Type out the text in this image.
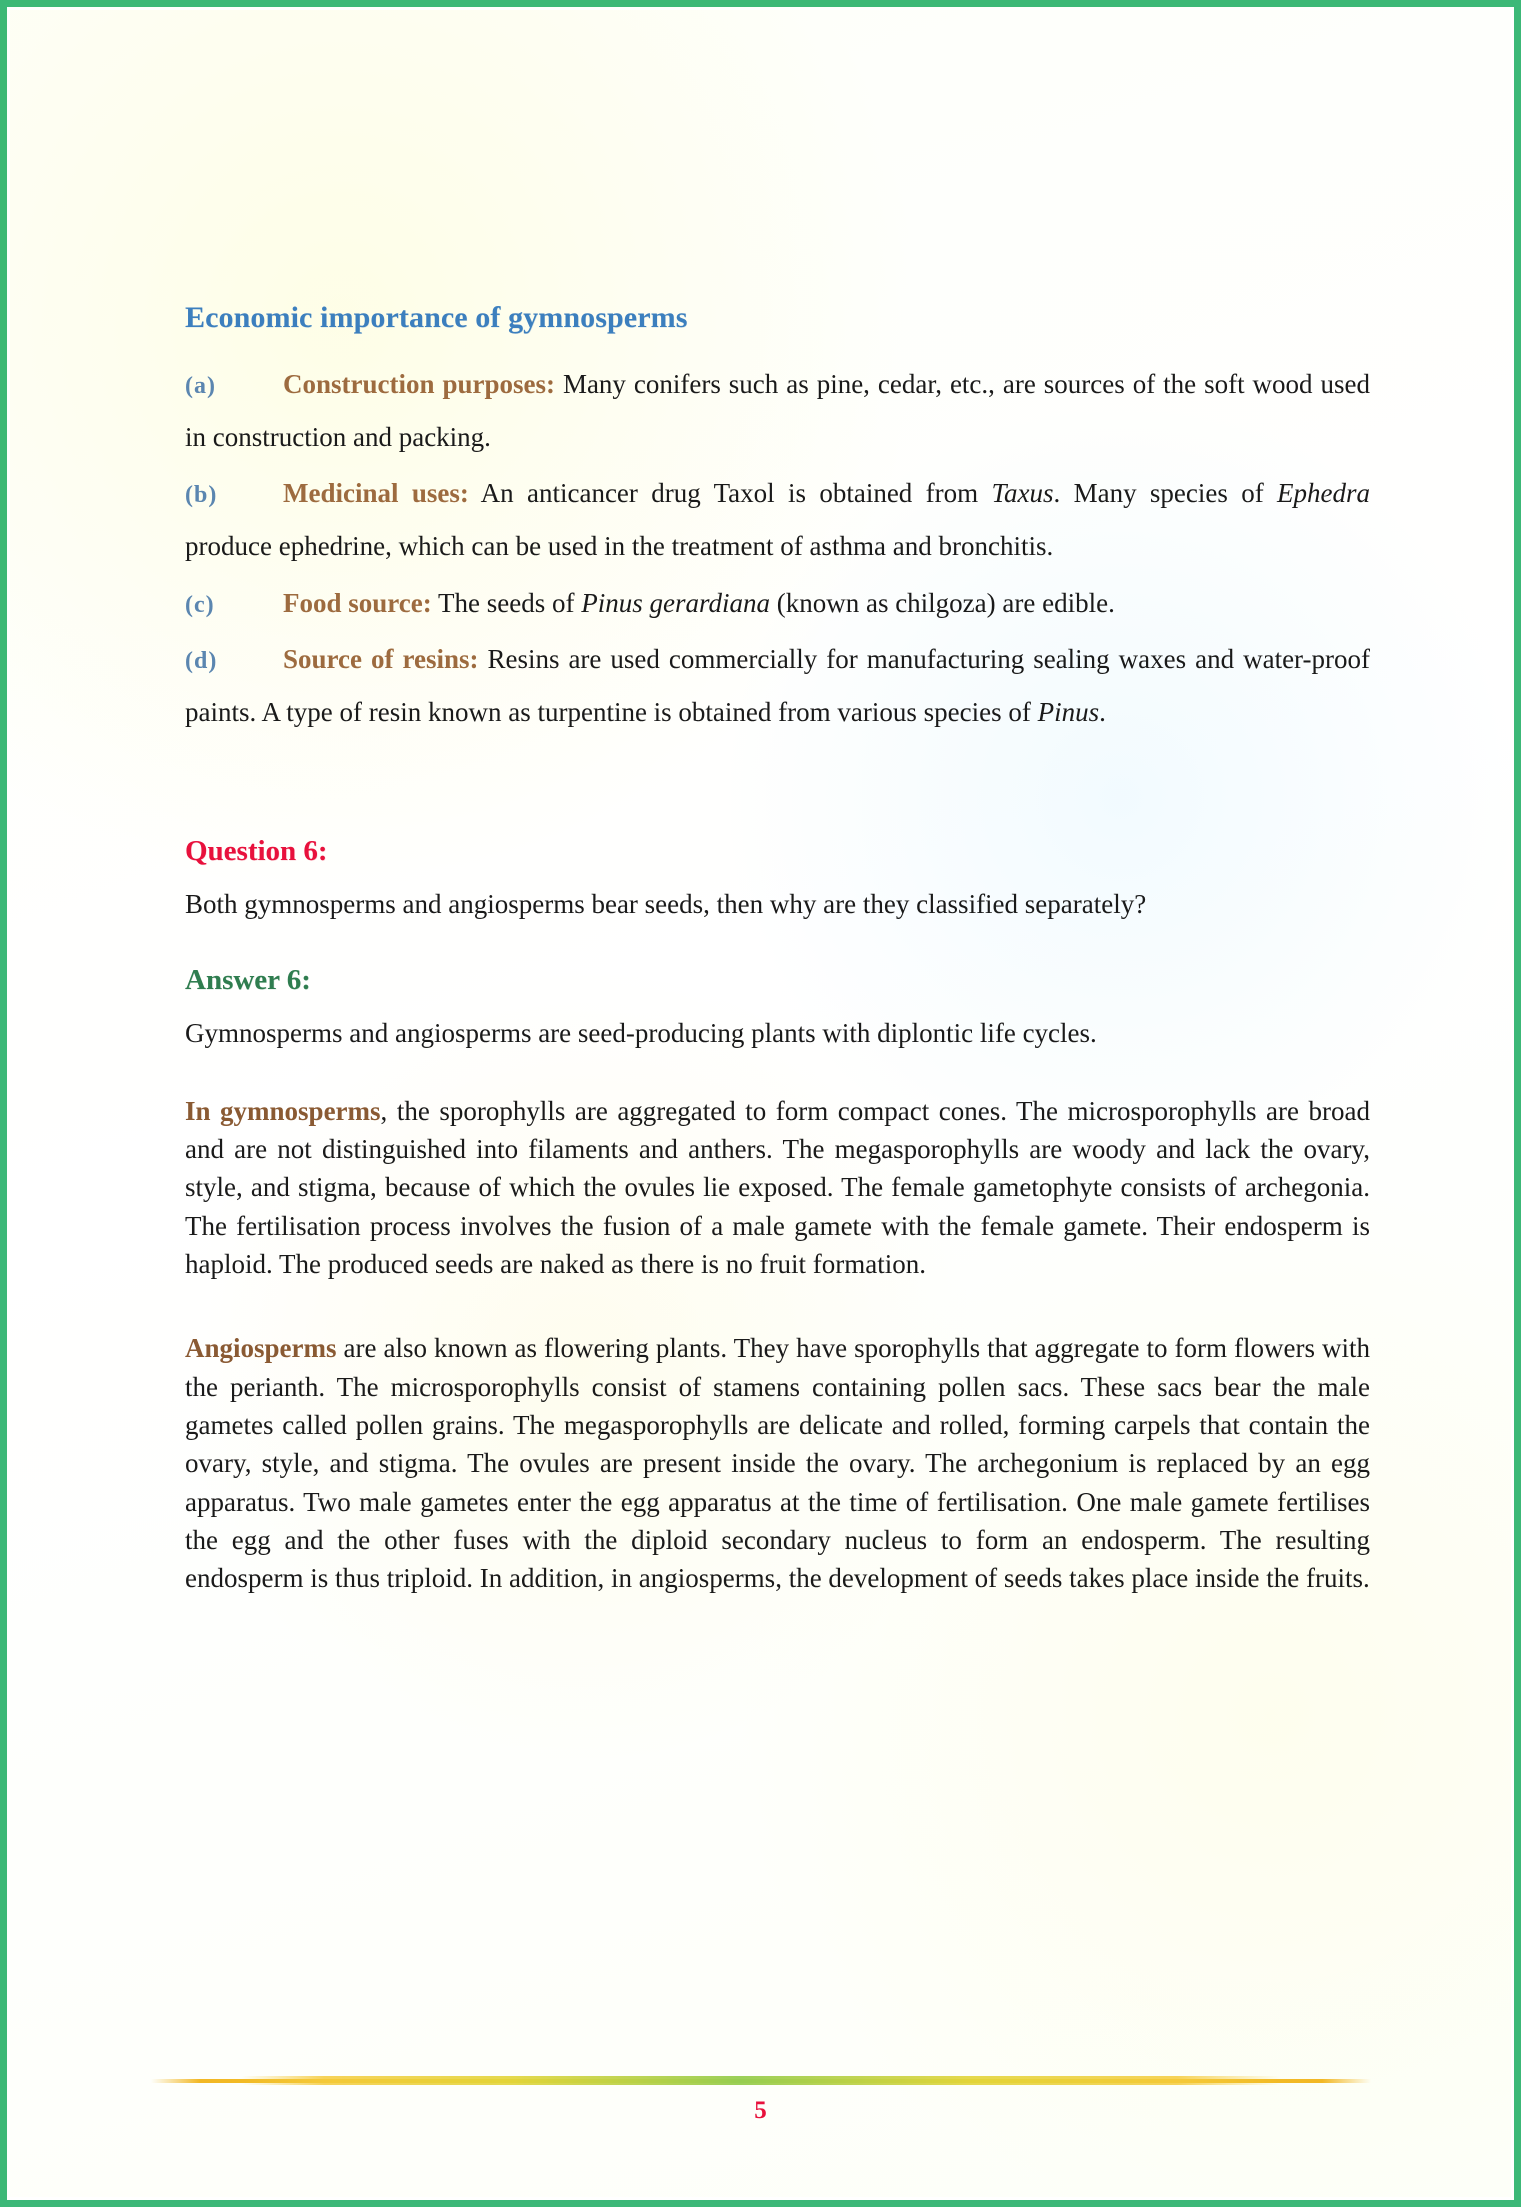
Economic importance of gymnosperms
(a) Construction purposes: Many conifers such as pine, cedar, etc., are sources of the soft wood used in construction and packing.
(b) Medicinal uses: An anticancer drug Taxol is obtained from Taxus. Many species of Ephedra produce ephedrine, which can be used in the treatment of asthma and bronchitis.
(c)	Food source: The seeds of Pinus gerardiana (known as chilgoza) are edible.
(d) Source of resins: Resins are used commercially for manufacturing sealing waxes and water-proof paints. A type of resin known as turpentine is obtained from various species of Pinus.
Question 6:

Both gymnosperms and angiosperms bear seeds, then why are they classified separately?

Answer 6:

Gymnosperms and angiosperms are seed-producing plants with diplontic life cycles.

In gymnosperms, the sporophylls are aggregated to form compact cones. The microsporophylls are broad and are not distinguished into filaments and anthers. The megasporophylls are woody and lack the ovary, style, and stigma, because of which the ovules lie exposed. The female gametophyte consists of archegonia. The fertilisation process involves the fusion of a male gamete with the female gamete. Their endosperm is haploid. The produced seeds are naked as there is no fruit formation.

Angiosperms are also known as flowering plants. They have sporophylls that aggregate to form flowers with the perianth. The microsporophylls consist of stamens containing pollen sacs. These sacs bear the male gametes called pollen grains. The megasporophylls are delicate and rolled, forming carpels that contain the ovary, style, and stigma. The ovules are present inside the ovary. The archegonium is replaced by an egg apparatus. Two male gametes enter the egg apparatus at the time of fertilisation. One male gamete fertilises the egg and the other fuses with the diploid secondary nucleus to form an endosperm. The resulting endosperm is thus triploid. In addition, in angiosperms, the development of seeds takes place inside the fruits.

5
